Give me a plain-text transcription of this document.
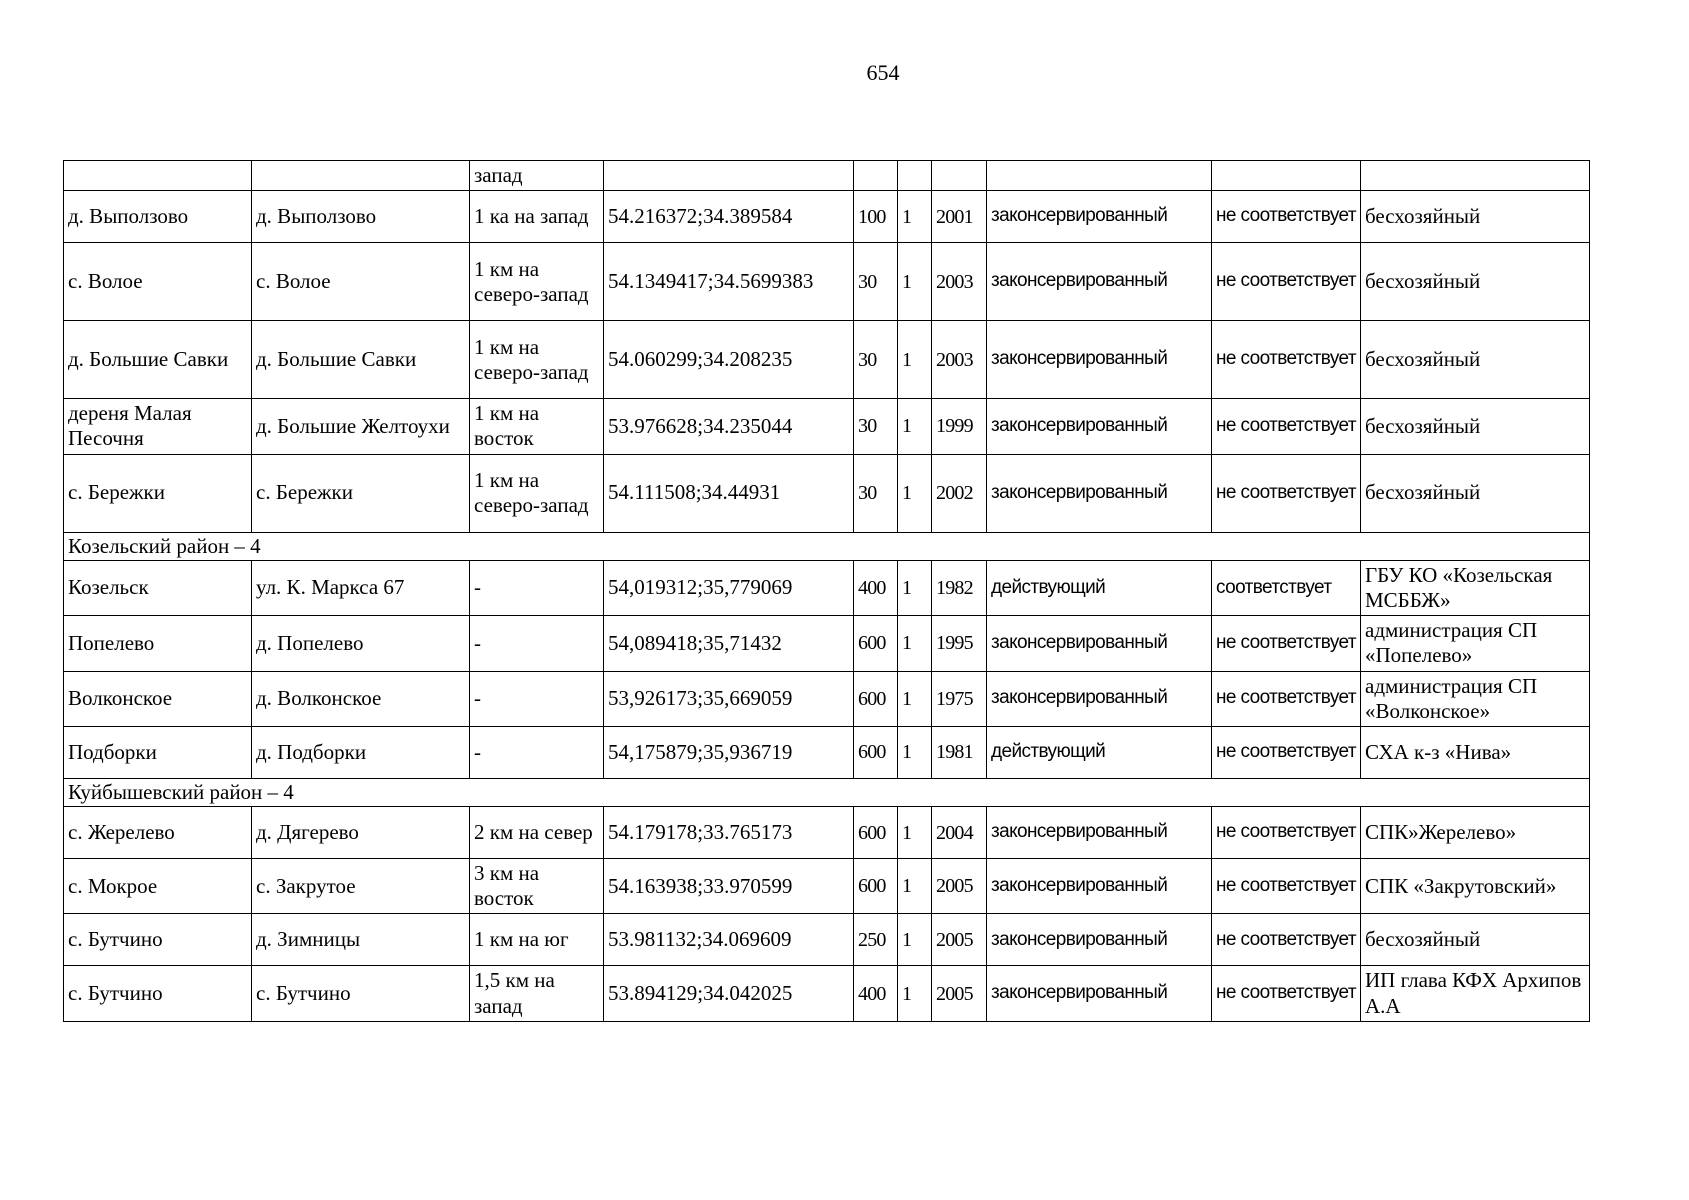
654
		запад							
д. Выползово	д. Выползово	1 ка на запад	54.216372;34.389584	100	1	2001	законсервированный	не соответствует	бесхозяйный
с. Волое	с. Волое	1 км на северо-запад	54.1349417;34.5699383	30	1	2003	законсервированный	не соответствует	бесхозяйный
д. Большие Савки	д. Большие Савки	1 км на северо-запад	54.060299;34.208235	30	1	2003	законсервированный	не соответствует	бесхозяйный
дереня Малая Песочня	д. Большие Желтоухи	1 км на восток	53.976628;34.235044	30	1	1999	законсервированный	не соответствует	бесхозяйный
с. Бережки	с. Бережки	1 км на северо-запад	54.111508;34.44931	30	1	2002	законсервированный	не соответствует	бесхозяйный
Козельский район – 4									
Козельск	ул. К. Маркса 67	-	54,019312;35,779069	400	1	1982	действующий	соответствует	ГБУ КО «Козельская МСББЖ»
Попелево	д. Попелево	-	54,089418;35,71432	600	1	1995	законсервированный	не соответствует	администрация СП «Попелево»
Волконское	д. Волконское	-	53,926173;35,669059	600	1	1975	законсервированный	не соответствует	администрация СП «Волконское»
Подборки	д. Подборки	-	54,175879;35,936719	600	1	1981	действующий	не соответствует	СХА к-з «Нива»
Куйбышевский район – 4									
с. Жерелево	д. Дягерево	2 км на север	54.179178;33.765173	600	1	2004	законсервированный	не соответствует	СПК»Жерелево»
с. Мокрое	с. Закрутое	3 км на восток	54.163938;33.970599	600	1	2005	законсервированный	не соответствует	СПК «Закрутовский»
с. Бутчино	д. Зимницы	1 км на юг	53.981132;34.069609	250	1	2005	законсервированный	не соответствует	бесхозяйный
с. Бутчино	с. Бутчино	1,5 км на запад	53.894129;34.042025	400	1	2005	законсервированный	не соответствует	ИП глава КФХ Архипов А.А
